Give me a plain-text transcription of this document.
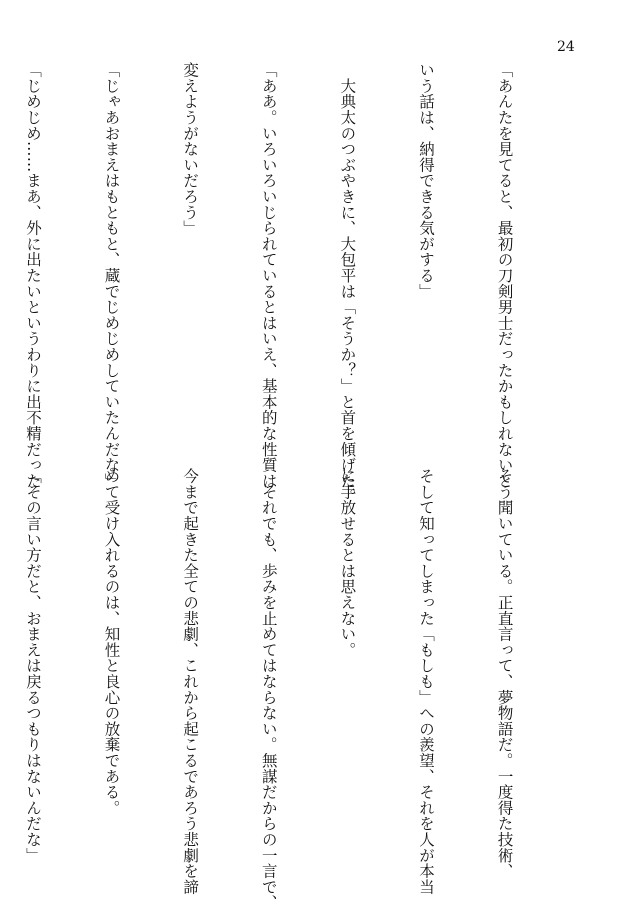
24

「あんたを見てると、最初の刀剣男士だったかもしれないと

いう話は、納得できる気がする」

　大典太のつぶやきに、大包平は「そうか？」と首を傾げた。

「ああ。いろいろいじられているとはいえ、基本的な性質は

変えようがないだろう」

「じゃあおまえはもともと、蔵でじめじめしていたんだな」

「じめじめ……まあ、外に出たいというわりに出不精だった

そう聞いている。正直言って、夢物語だ。一度得た技術、

そして知ってしまった「もしも」への羨望、それを人が本当

に手放せるとは思えない。

　それでも、歩みを止めてはならない。無謀だからの一言で、

今まで起きた全ての悲劇、これから起こるであろう悲劇を諦

めて受け入れるのは、知性と良心の放棄である。

「その言い方だと、おまえは戻るつもりはないんだな」
